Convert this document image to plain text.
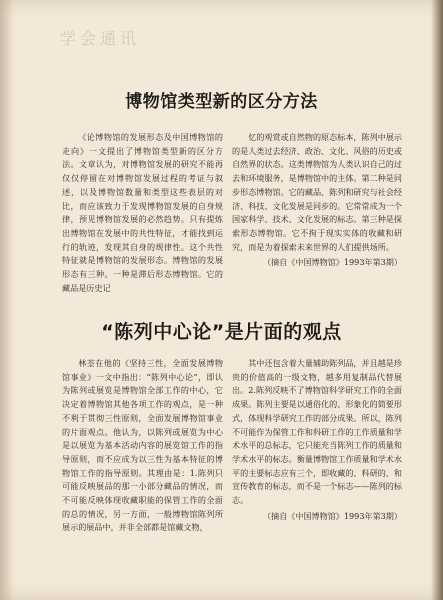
学会通讯
博物馆类型新的区分方法

《论博物馆的发展形态及中国博物馆的走向》一文提出了博物馆类型新的区分方法。文章认为，对博物馆发展的研究不能再仅仅停留在对博物馆发展过程的考证与叙述，以及博物馆数量和类型这些表层的对比，而应该致力于发现博物馆发展的自身规律，预见博物馆发展的必然趋势。只有提炼出博物馆在发展中的共性特征，才能找到运行的轨迹，发现其自身的规律性。这个共性特征就是博物馆的发展形态。博物馆的发展形态有三种。一种是滞后形态博物馆。它的藏品是历史记

忆的观赏或自然物的原态标本，陈列中展示的是人类过去经济、政治、文化、风俗的历史或自然界的状态。这类博物馆为人类认识自己的过去和环境服务，是博物馆中的主体。第二种是同步形态博物馆。它的藏品、陈列和研究与社会经济、科技、文化发展是同步的。它常常成为一个国家科学、技术、文化发展的标志。第三种是探索形态博物馆。它不拘于现实实体的收藏和研究，而是为着探索未来世界的人们提供场所。

（摘自《中国博物馆》1993年第3期）
“陈列中心论”是片面的观点

林荃在他的《坚持三性，全面发展博物馆事业》一文中指出：“陈列中心论”，即认为陈列或展览是博物馆全部工作的中心，它决定着博物馆其他各项工作的观点，是一种不利于贯彻三性原则，全面发展博物馆事业的片面观点。他认为，以陈列或展览为中心是以展览为基本活动内容的展览馆工作的指导原则，而不应成为以三性为基本特征的博物馆工作的指导原则。其理由是：1.陈列只可能反映展品的那一小部分藏品的情况，而不可能反映体现收藏职能的保管工作的全面的总的情况，另一方面，一般博物馆陈列所展示的展品中，并非全部都是馆藏文物，

其中还包含着大量辅助陈列品，并且越是珍贵的价值高的一级文物，越多用复制品代替展出。2.陈列反映不了博物馆科学研究工作的全面成果。陈列主要是以通俗化的、形象化的简要形式，体现科学研究工作的部分成果。所以，陈列不可能作为保管工作和科研工作的工作质量和学术水平的总标志，它只能充当陈列工作的质量和学术水平的标志。衡量博物馆工作质量和学术水平的主要标志应有三个，即收藏的、科研的、和宣传教育的标志，而不是一个标志——陈列的标志。

（摘自《中国博物馆》1993年第3期）
